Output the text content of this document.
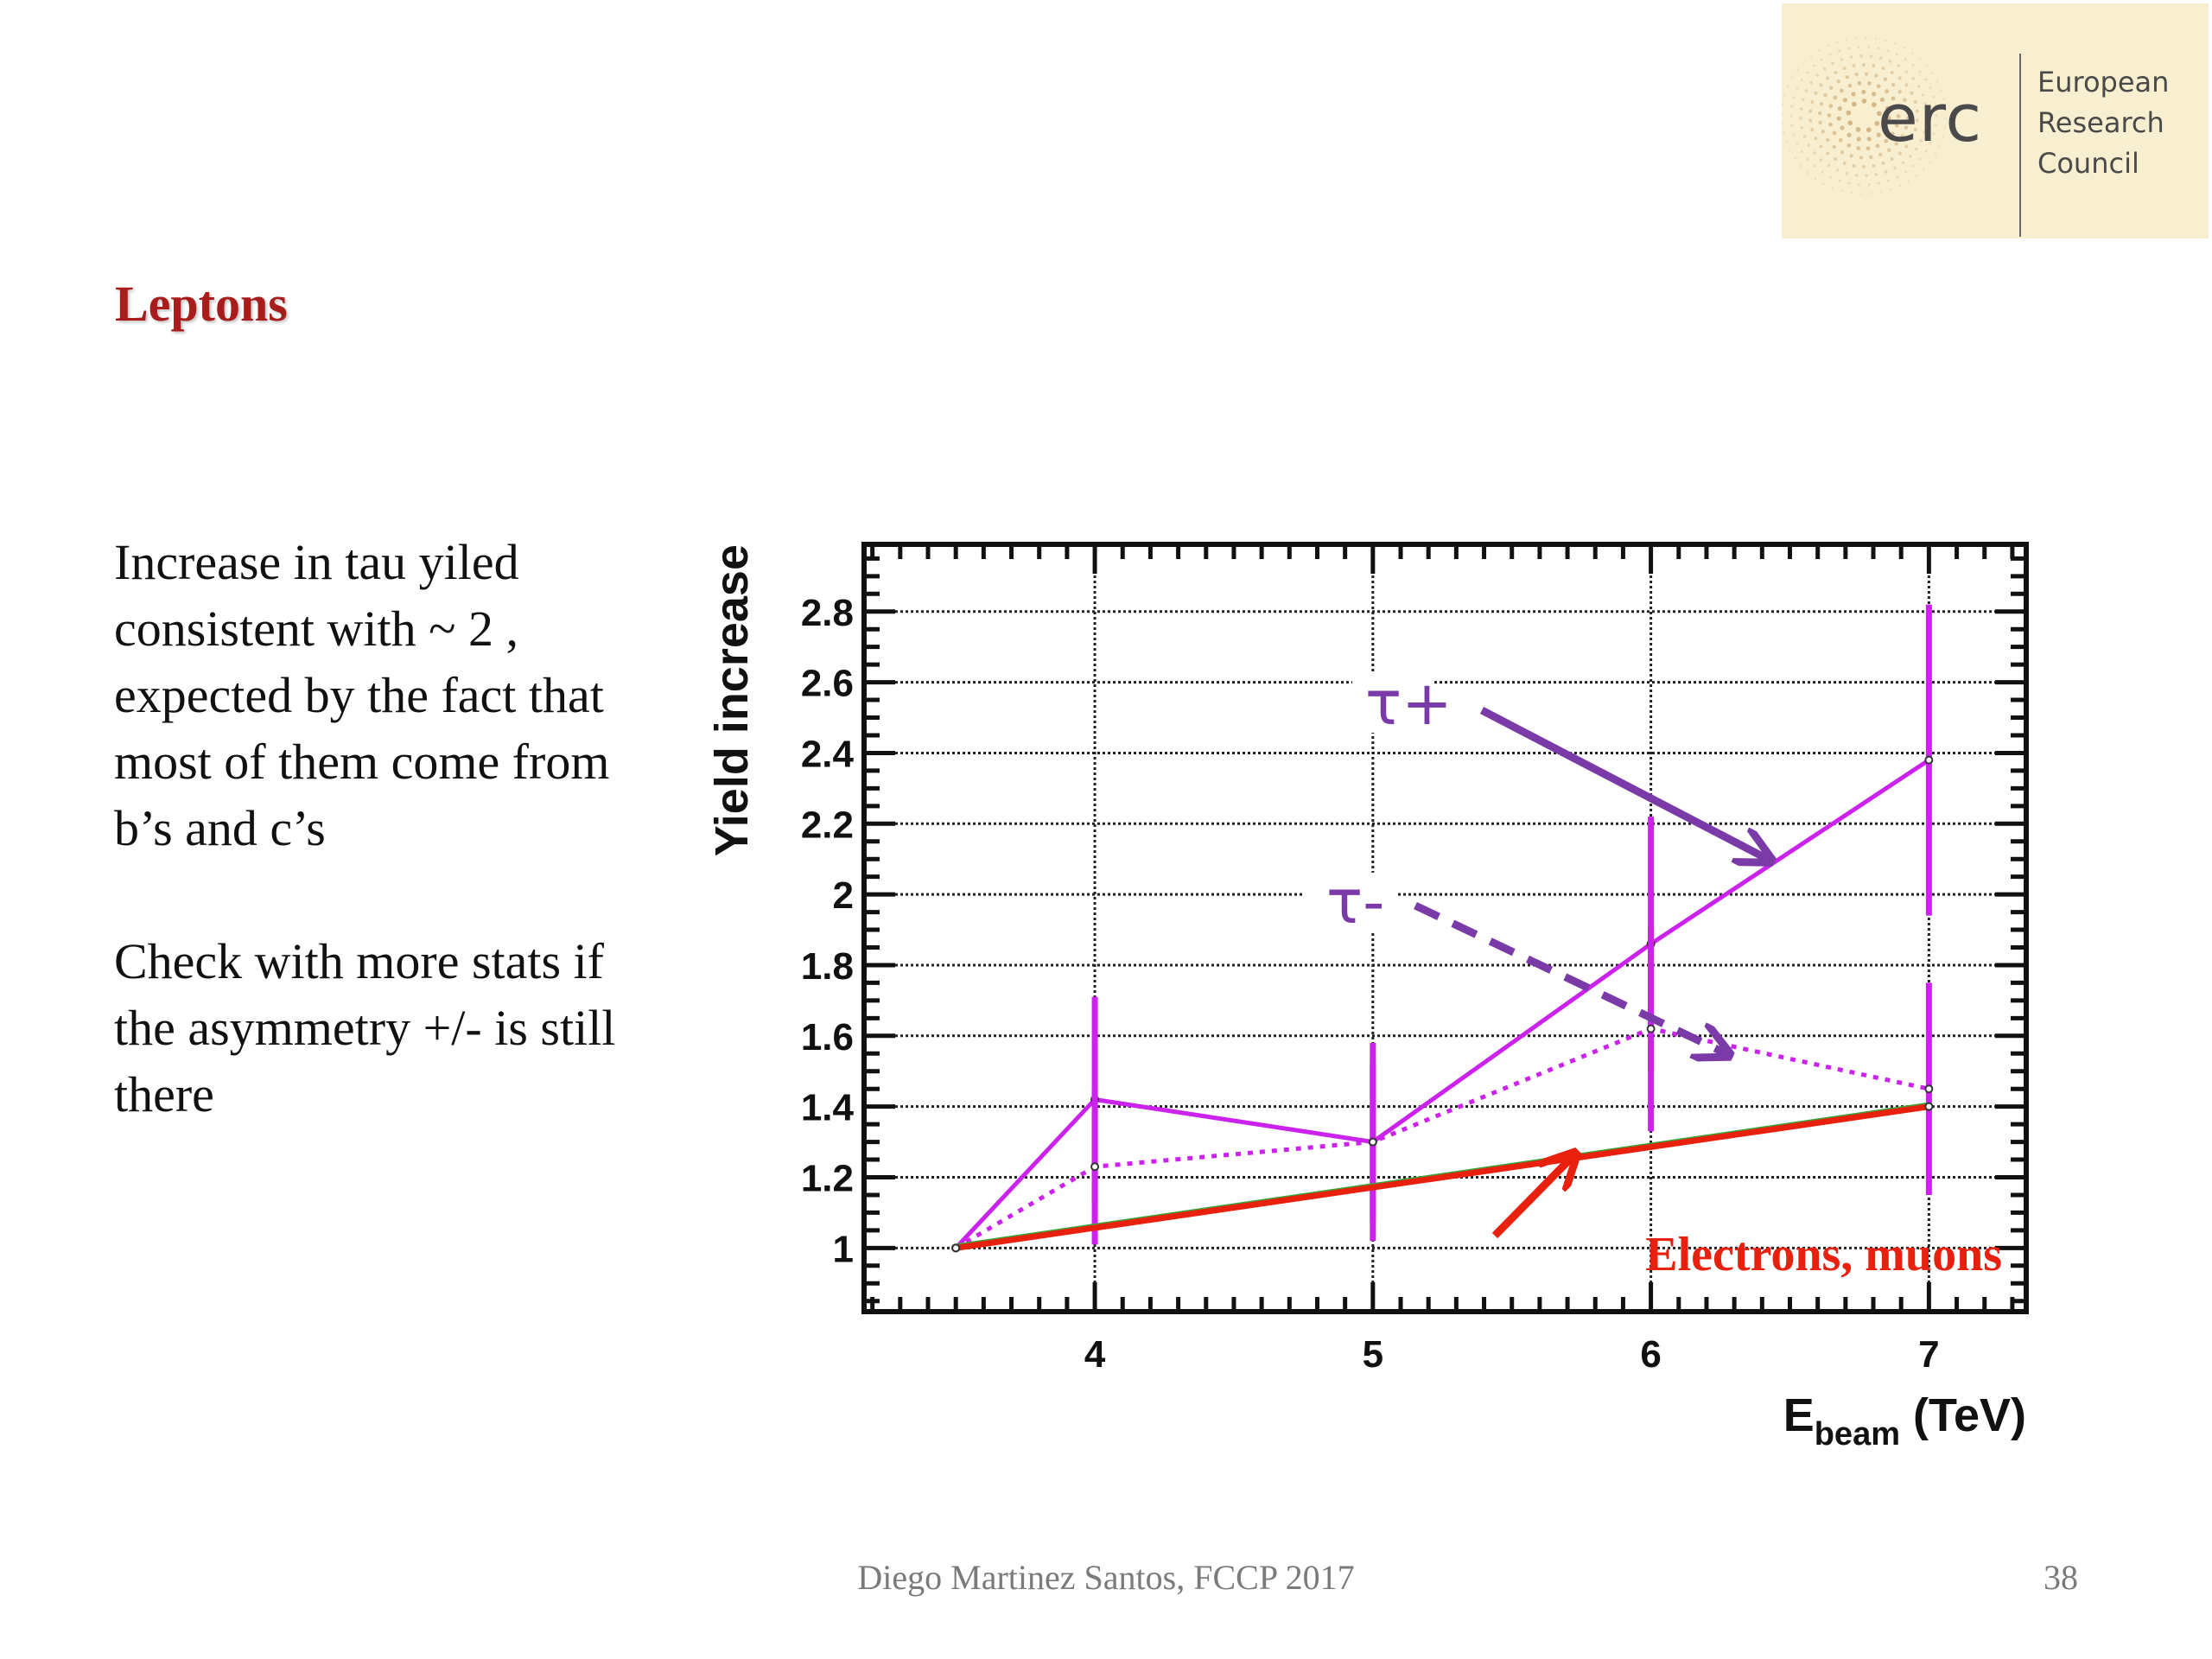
erc European
Research
Council
Leptons

Increase in tau yiled consistent with ~ 2 , expected by the fact that most of them come from b’s and c’s

Check with more stats if the asymmetry +/- is still there

1
1.2
1.4
1.6
1.8
2
2.2
2.4
2.6
2.8
4	5	6	7
Yield increase
$E_{beam}$ (TeV)
τ+
τ-
Electrons, muons
Diego Martinez Santos, FCCP 2017	38
